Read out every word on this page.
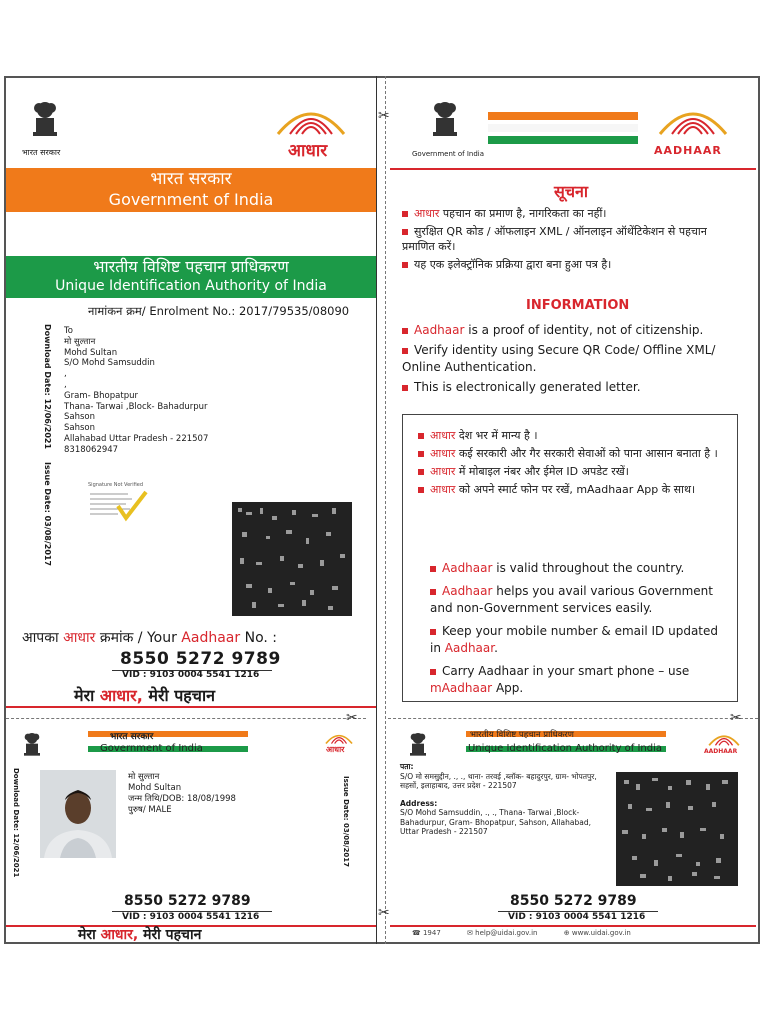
✂
✂
भारत सरकार	आधार
भारत सरकार
Government of India
भारतीय विशिष्ट पहचान प्राधिकरण
Unique Identification Authority of India
नामांकन क्रम/ Enrolment No.: 2017/79535/08090
Download Date: 12/06/2021
Issue Date: 03/08/2017
To
मो सुल्तान
Mohd Sultan
S/O Mohd Samsuddin
,
,
Gram- Bhopatpur
Thana- Tarwai ,Block- Bahadurpur
Sahson
Sahson
Allahabad Uttar Pradesh - 221507
8318062947
Signature Not Verified
आपका आधार क्रमांक / Your Aadhaar No. :
8550 5272 9789
VID : 9103 0004 5541 1216
मेरा आधार, मेरी पहचान
✂	✂
भारत सरकार
Government of India	आधार
Download Date: 12/06/2021	Issue Date: 03/08/2017
मो सुल्तान
Mohd Sultan
जन्म तिथि/DOB: 18/08/1998
पुरुष/ MALE
8550 5272 9789
VID : 9103 0004 5541 1216
मेरा आधार, मेरी पहचान
Government of India	AADHAAR
सूचना
आधार पहचान का प्रमाण है, नागरिकता का नहीं।
सुरक्षित QR कोड / ऑफलाइन XML / ऑनलाइन ऑथेंटिकेशन से पहचान प्रमाणित करें।
यह एक इलेक्ट्रॉनिक प्रक्रिया द्वारा बना हुआ पत्र है।
INFORMATION
Aadhaar is a proof of identity, not of citizenship.
Verify identity using Secure QR Code/ Offline XML/ Online Authentication.
This is electronically generated letter.
आधार देश भर में मान्य है ।
आधार कई सरकारी और गैर सरकारी सेवाओं को पाना आसान बनाता है ।
आधार में मोबाइल नंबर और ईमेल ID अपडेट रखें।
आधार को अपने स्मार्ट फोन पर रखें, mAadhaar App के साथ।
Aadhaar is valid throughout the country.
Aadhaar helps you avail various Government and non-Government services easily.
Keep your mobile number & email ID updated in Aadhaar.
Carry Aadhaar in your smart phone – use mAadhaar App.
भारतीय विशिष्ट पहचान प्राधिकरण
Unique Identification Authority of India	AADHAAR
पता:
S/O मो समसुद्दीन, ., ., थाना- तरवई ,ब्लॉक- बहादुरपुर, ग्राम- भोपतपुर, सहसों, इलाहाबाद, उत्तर प्रदेश - 221507
Address:
S/O Mohd Samsuddin, ., ., Thana- Tarwai ,Block- Bahadurpur, Gram- Bhopatpur, Sahson, Allahabad, Uttar Pradesh - 221507
8550 5272 9789
VID : 9103 0004 5541 1216
☎ 1947	✉ help@uidai.gov.in	⊕ www.uidai.gov.in
